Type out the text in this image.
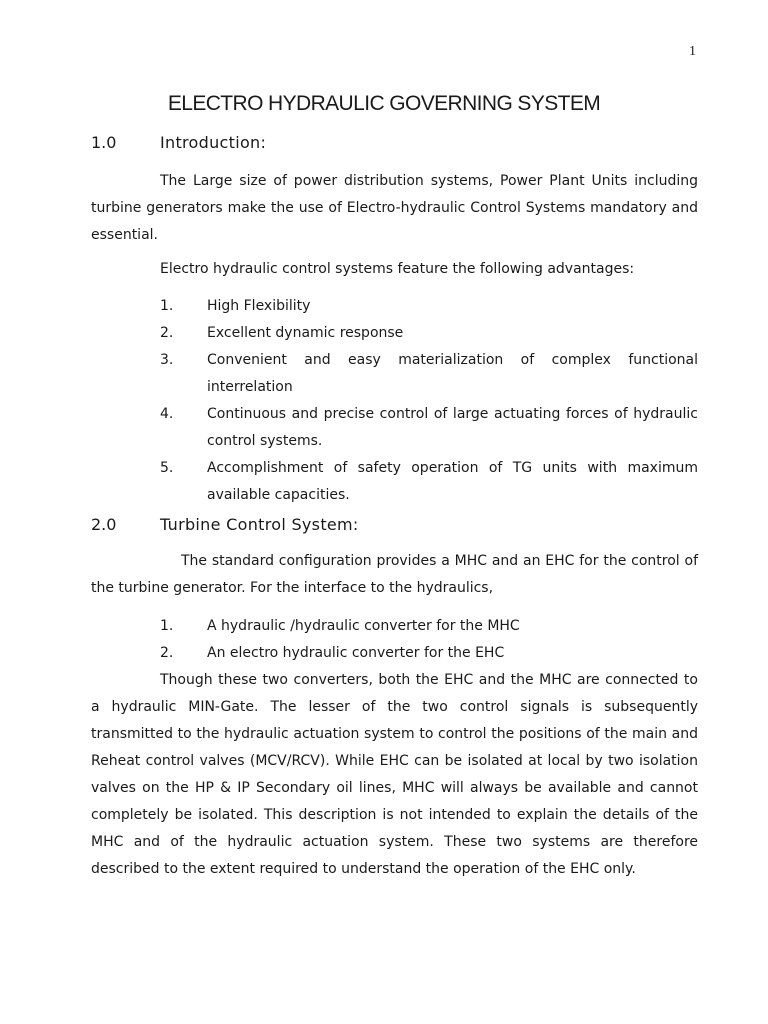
1
ELECTRO HYDRAULIC GOVERNING SYSTEM
1.0	Introduction:

The Large size of power distribution systems, Power Plant Units including turbine generators make the use of Electro-hydraulic Control Systems mandatory and essential.

Electro hydraulic control systems feature the following advantages:

1.	High Flexibility
2.	Excellent dynamic response
3.	Convenient and easy materialization of complex functional interrelation
4.	Continuous and precise control of large actuating forces of hydraulic control systems.
5.	Accomplishment of safety operation of TG units with maximum available capacities.
2.0	Turbine Control System:

The standard configuration provides a MHC and an EHC for the control of the turbine generator. For the interface to the hydraulics,

1.	A hydraulic /hydraulic converter for the MHC
2.	An electro hydraulic converter for the EHC

Though these two converters, both the EHC and the MHC are connected to a hydraulic MIN-Gate. The lesser of the two control signals is subsequently transmitted to the hydraulic actuation system to control the positions of the main and Reheat control valves (MCV/RCV). While EHC can be isolated at local by two isolation valves on the HP & IP Secondary oil lines, MHC will always be available and cannot completely be isolated. This description is not intended to explain the details of the MHC and of the hydraulic actuation system. These two systems are therefore described to the extent required to understand the operation of the EHC only.
